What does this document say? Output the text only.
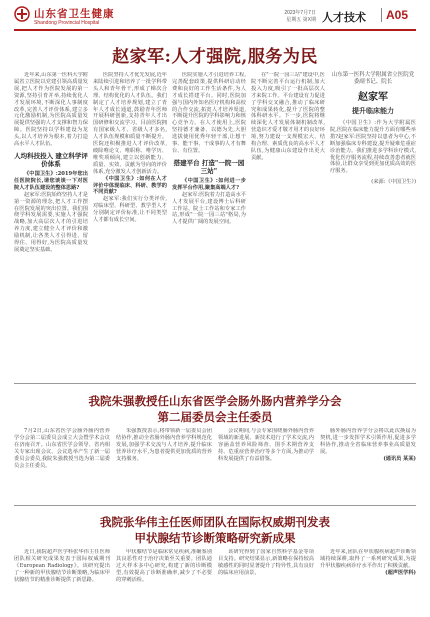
山东省卫生健康
Shandong Provincial Hospital
2023年7月7日
星期五 第X期 人才技术	A05
赵家军:人才强院,服务为民

近年来,山东第一医科大学附属省立医院以党建引领高质量发展,把人才作为医院发展的第一资源,坚持引育并举,持续优化人才发展环境,不断深化人事制度改革,完善人才评价体系,建立多元化激励机制,为医院高质量发展提供坚强的人才支撑和智力保障。医院坚持以学科建设为龙头,以人才培养为根本,着力打造高水平人才队伍。

人均科技投入 建立科学评价体系

《中国卫生》:2019年您出任医院院长,请您谈谈一下对医院人才队伍建设的整体思路?

赵家军:医院始终坚持人才是第一资源的理念,把人才工作摆在医院发展的突出位置。我们围绕学科发展需要,实施人才强院战略,加大高层次人才的引进培养力度,建立健全人才评价和激励机制,让各类人才引得进、留得住、用得好,为医院高质量发展奠定坚实基础。

医院坚持人才优先发展,近年来陆续引进和培养了一批学科带头人和青年骨干,形成了梯次合理、结构优化的人才队伍。我们制定了人才培养规划,建立了青年人才成长通道,鼓励青年医师开展科研创新,支持青年人才出国研修和交流学习。目前医院拥有国家级人才、省级人才多名,人才队伍规模和质量不断提升。医院还积极推进人才评价改革,破除唯论文、唯职称、唯学历、唯奖项倾向,建立以创新能力、质量、实效、贡献为导向的评价体系,充分激发人才创新活力。

《中国卫生》:如何在人才评价中体现临床、科研、教学的不同贡献?

赵家军:我们实行分类评价,对临床型、科研型、教学型人才分别制定评价标准,让不同类型人才都有成长空间。

医院实施人才引进培养工程,完善配套政策,提供科研启动经费和良好的工作生活条件,为人才成长搭建平台。同时,医院加强与国内外知名医疗机构和高校的合作交流,拓宽人才培养渠道,不断提升医院的学科影响力和核心竞争力。在人才使用上,医院坚持德才兼备、以德为先,大胆选拔使用优秀年轻干部,让想干事、能干事、干成事的人才有舞台、有位置。

搭建平台 打造"一院一园三站"

《中国卫生》:如何进一步发挥平台作用,聚集高端人才?

赵家军:医院着力打造高水平人才发展平台,建设博士后科研工作站、院士工作站和专家工作站,形成"一院一园三站"格局,为人才提供广阔的发展空间。

在"一院一园三站"建设中,医院不断完善平台运行机制,加大投入力度,吸引了一批高层次人才来院工作。平台建设有力促进了学科交叉融合,推动了临床研究和成果转化,提升了医院的整体科研水平。下一步,医院将继续深化人才发展体制机制改革,营造识才爱才敬才用才的良好环境,努力建设一支规模宏大、结构合理、素质优良的高水平人才队伍,为健康山东建设作出更大贡献。

山东第一医科大学附属省立医院党委副书记、院长
赵家军
提升临床能力

《中国卫生》:作为大学附属医院,医院在临床能力提升方面有哪些举措?赵家军:医院坚持以患者为中心,不断加强临床专科建设,提升疑难危重症诊治能力。我们推进多学科诊疗模式,优化医疗服务流程,持续改善患者就医体验,让群众享受到更加优质高效的医疗服务。

(来源:《中国卫生》)
我院朱强教授任山东省医学会肠外肠内营养学分会
第二届委员会主任委员

7月2日,山东省医学会肠外肠内营养学分会第二届委员会成立大会暨学术会议在济南召开。山东省医学会领导、省内相关专家出席会议。会议选举产生了新一届委员会委员,我院朱强教授当选为第二届委员会主任委员。

朱强教授表示,将带领新一届委员会团结协作,推动全省肠外肠内营养学科规范化发展,加强学术交流与人才培养,提升临床营养诊疗水平,为患者提供更加优质的营养支持服务。

会议期间,与会专家围绕肠外肠内营养领域的新进展、新技术进行了学术交流,内容涵盖营养风险筛查、围手术期营养支持、危重症营养治疗等多个方面,为推动学科发展提供了有益借鉴。

肠外肠内营养学分会将以此次换届为契机,进一步发挥学术引领作用,促进多学科协作,推动全省临床营养事业高质量发展。

(通讯员 某某)
我院张华伟主任医师团队在国际权威期刊发表
甲状腺结节诊断策略研究新成果

近日,我院超声医学科张华伟主任医师团队相关研究成果发表于国际权威期刊《European Radiology》。该研究提出了一种新的甲状腺结节诊断策略,为临床甲状腺结节的精准诊断提供了新思路。

甲状腺结节是临床常见疾病,准确鉴别其良恶性对于治疗决策至关重要。团队通过大样本多中心研究,构建了新的诊断模型,有效提高了诊断准确率,减少了不必要的穿刺活检。

该研究得到了国家自然科学基金等项目支持。研究结果显示,新策略在保持较高敏感性的同时显著提升了特异性,具有良好的临床应用前景。

近年来,团队在甲状腺疾病超声诊断领域持续深耕,取得了一系列研究成果,为提升甲状腺疾病诊疗水平作出了积极贡献。

(超声医学科)
